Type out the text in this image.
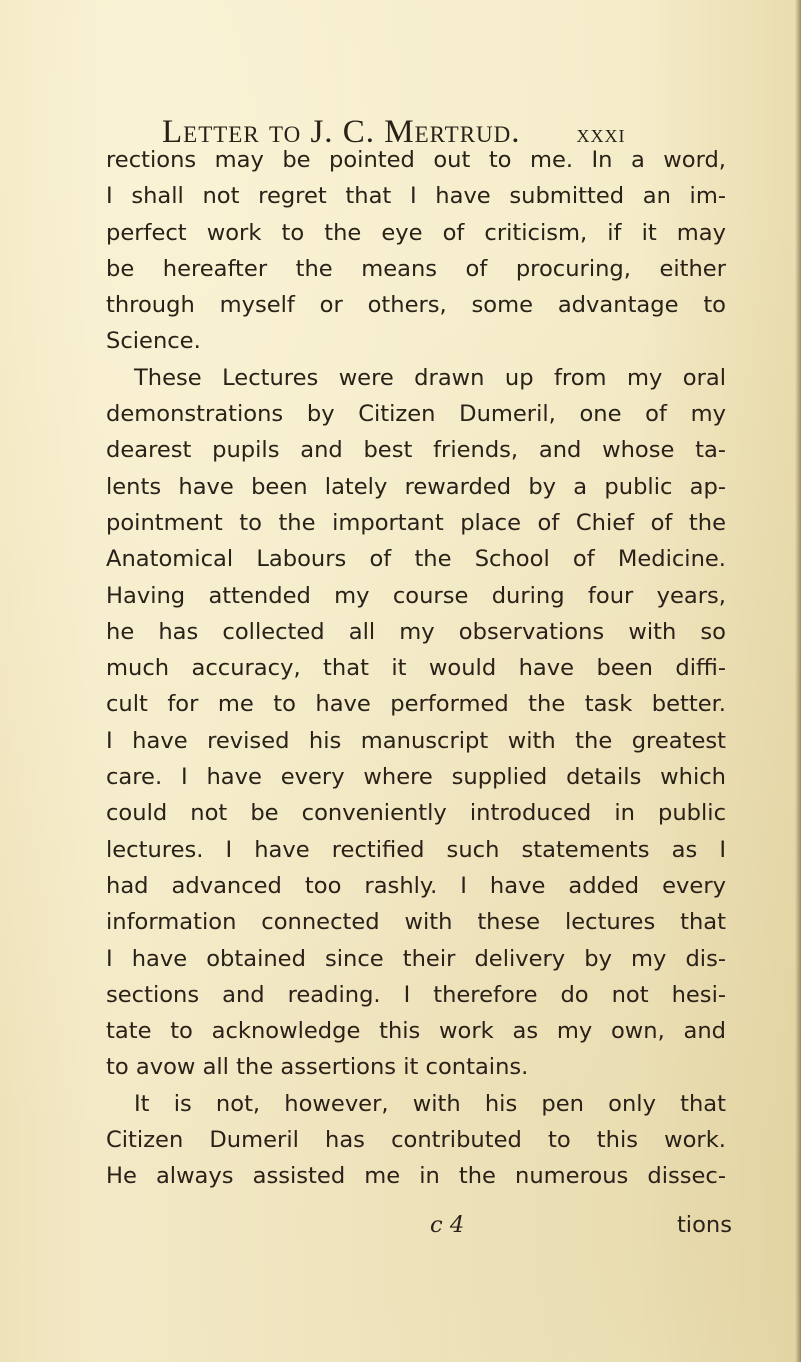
Letter to J. C. Mertrud. xxxi
rections may be pointed out to me. In a word,
I shall not regret that I have submitted an im-
perfect work to the eye of criticism, if it may
be hereafter the means of procuring, either
through myself or others, some advantage to
Science.
These Lectures were drawn up from my oral
demonstrations by Citizen Dumeril, one of my
dearest pupils and best friends, and whose ta-
lents have been lately rewarded by a public ap-
pointment to the important place of Chief of the
Anatomical Labours of the School of Medicine.
Having attended my course during four years,
he has collected all my observations with so
much accuracy, that it would have been diffi-
cult for me to have performed the task better.
I have revised his manuscript with the greatest
care. I have every where supplied details which
could not be conveniently introduced in public
lectures. I have rectified such statements as I
had advanced too rashly. I have added every
information connected with these lectures that
I have obtained since their delivery by my dis-
sections and reading. I therefore do not hesi-
tate to acknowledge this work as my own, and
to avow all the assertions it contains.
It is not, however, with his pen only that
Citizen Dumeril has contributed to this work.
He always assisted me in the numerous dissec-
c 4	tions
